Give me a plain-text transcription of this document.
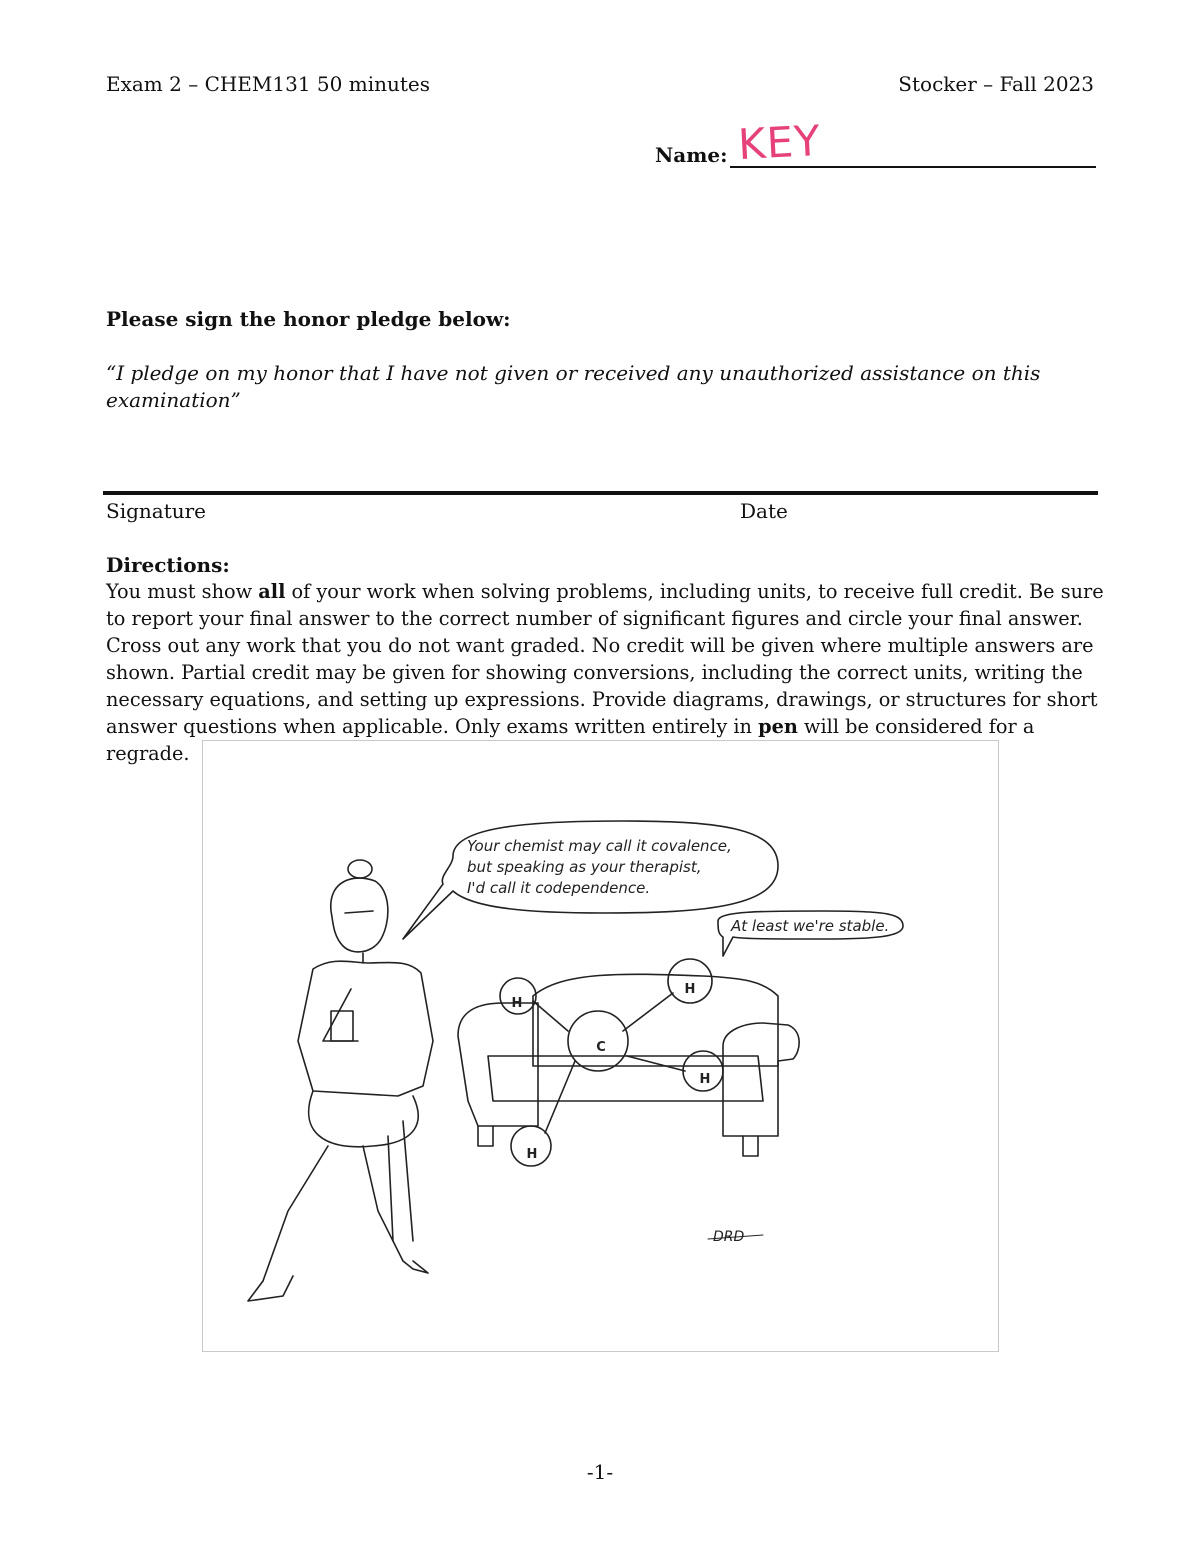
Exam 2 – CHEM131 50 minutes	Stocker – Fall 2023
Name: KEY
Please sign the honor pledge below:
“I pledge on my honor that I have not given or received any unauthorized assistance on this examination”
Signature	Date
Directions:
You must show all of your work when solving problems, including units, to receive full credit. Be sure to report your final answer to the correct number of significant figures and circle your final answer. Cross out any work that you do not want graded. No credit will be given where multiple answers are shown. Partial credit may be given for showing conversions, including the correct units, writing the necessary equations, and setting up expressions. Provide diagrams, drawings, or structures for short answer questions when applicable. Only exams written entirely in pen will be considered for a regrade.
Your chemist may call it covalence,
but speaking as your therapist,
I'd call it codependence.
At least we're stable.
C
H
H
H
H
DRD
-1-
